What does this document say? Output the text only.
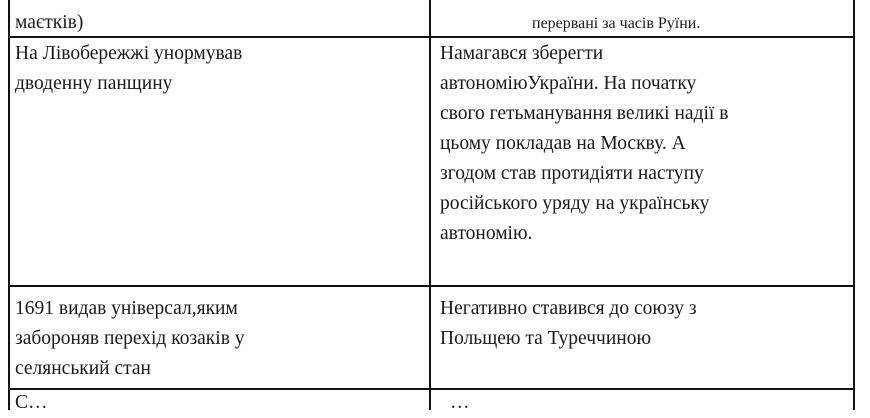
маєтків)	перервані за часів Руїни.
На Лівобережжі унормував
дводенну панщину
Намагався зберегти
автономіюУкраїни. На початку
свого гетьманування великі надії в
цьому покладав на Москву. А
згодом став протидіяти наступу
російського уряду на українську
автономію.
1691 видав універсал,яким
забороняв перехід козаків у
селянський стан
Негативно ставився до союзу з
Польщею та Туреччиною
С…	…
